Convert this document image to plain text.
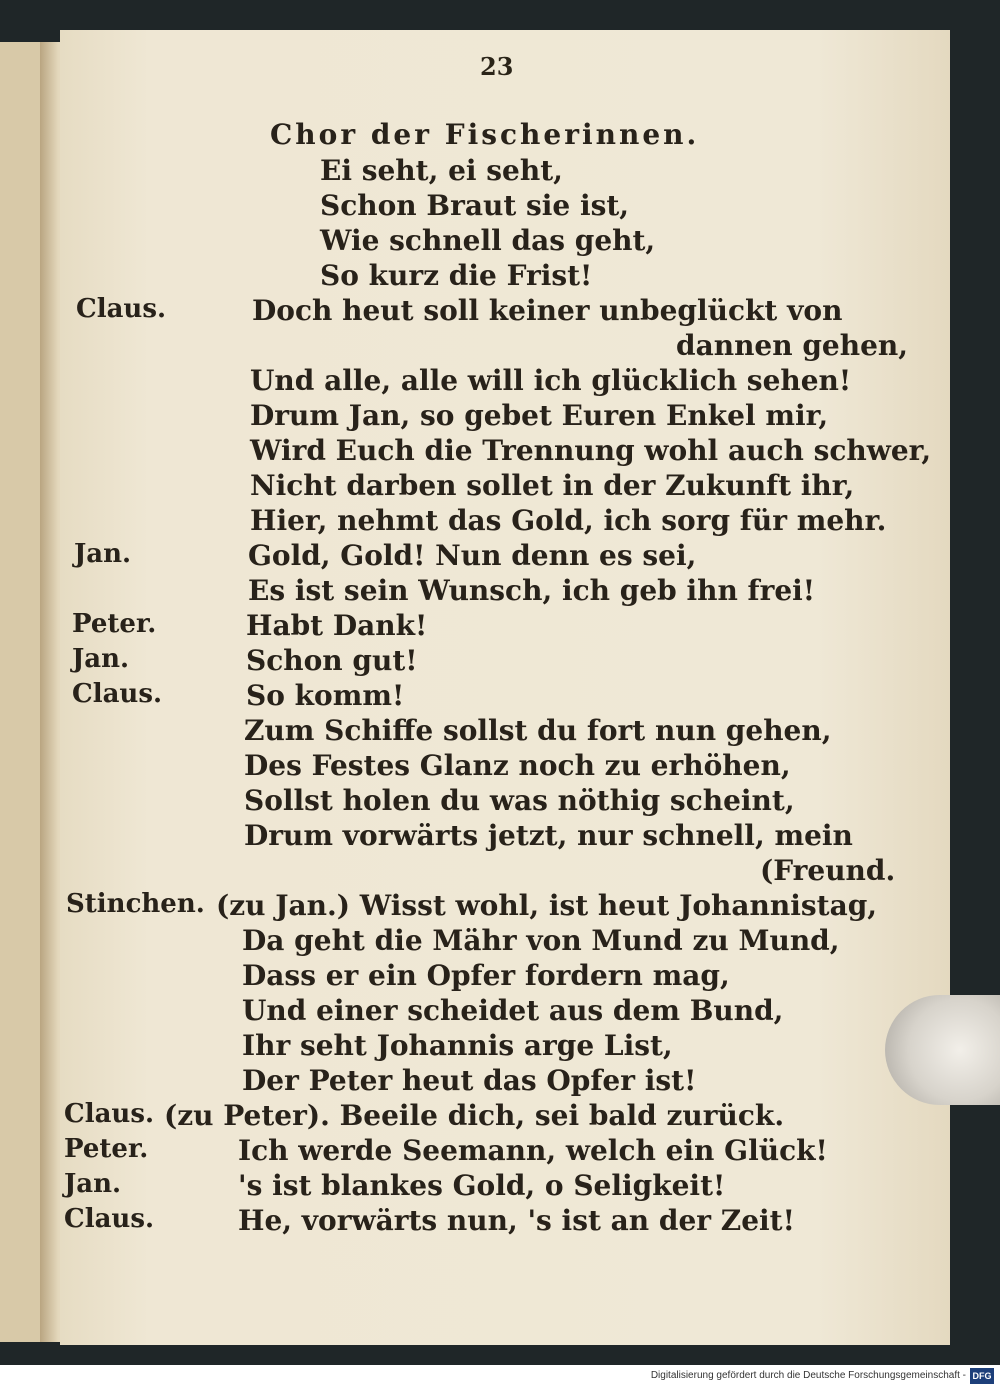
23
Chor der Fischerinnen.
Ei seht, ei seht,
Schon Braut sie ist,
Wie schnell das geht,
So kurz die Frist!
Claus.	Doch heut soll keiner unbeglückt von
dannen gehen,
Und alle, alle will ich glücklich sehen!
Drum Jan, so gebet Euren Enkel mir,
Wird Euch die Trennung wohl auch schwer,
Nicht darben sollet in der Zukunft ihr,
Hier, nehmt das Gold, ich sorg für mehr.
Jan.	Gold, Gold! Nun denn es sei,
Es ist sein Wunsch, ich geb ihn frei!
Peter.	Habt Dank!
Jan.	Schon gut!
Claus.	So komm!
Zum Schiffe sollst du fort nun gehen,
Des Festes Glanz noch zu erhöhen,
Sollst holen du was nöthig scheint,
Drum vorwärts jetzt, nur schnell, mein
(Freund.
Stinchen. (zu Jan.) Wisst wohl, ist heut Johannistag,
Da geht die Mähr von Mund zu Mund,
Dass er ein Opfer fordern mag,
Und einer scheidet aus dem Bund,
Ihr seht Johannis arge List,
Der Peter heut das Opfer ist!
Claus. (zu Peter). Beeile dich, sei bald zurück.
Peter.	Ich werde Seemann, welch ein Glück!
Jan.	's ist blankes Gold, o Seligkeit!
Claus.	He, vorwärts nun, 's ist an der Zeit!
Digitalisierung gefördert durch die Deutsche Forschungsgemeinschaft - DFG
